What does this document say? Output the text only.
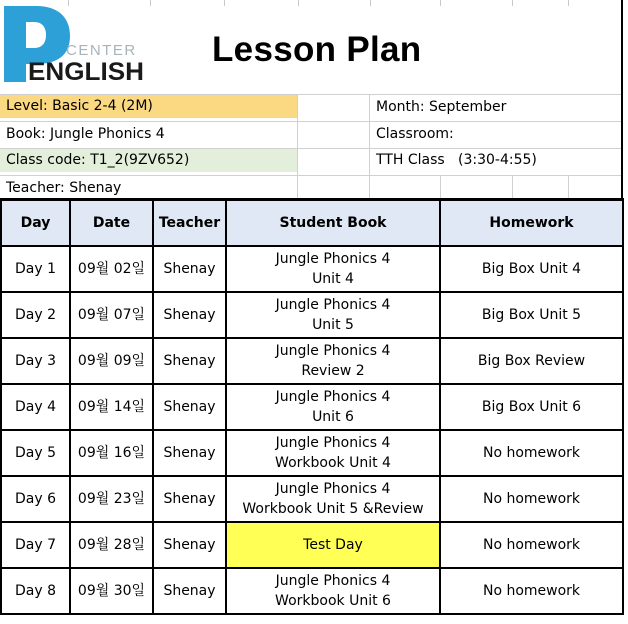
CENTER
ENGLISH
Lesson Plan
Level: Basic 2-4 (2M)
Book: Jungle Phonics 4
Class code: T1_2(9ZV652)
Teacher: Shenay
Month: September
Classroom:
TTH Class   (3:30-4:55)
Day	Date	Teacher	Student Book	Homework
Day 1	09월 02일	Shenay	Jungle Phonics 4
Unit 4	Big Box Unit 4
Day 2	09월 07일	Shenay	Jungle Phonics 4
Unit 5	Big Box Unit 5
Day 3	09월 09일	Shenay	Jungle Phonics 4
Review 2	Big Box Review
Day 4	09월 14일	Shenay	Jungle Phonics 4
Unit 6	Big Box Unit 6
Day 5	09월 16일	Shenay	Jungle Phonics 4
Workbook Unit 4	No homework
Day 6	09월 23일	Shenay	Jungle Phonics 4
Workbook Unit 5 &Review	No homework
Day 7	09월 28일	Shenay	Test Day	No homework
Day 8	09월 30일	Shenay	Jungle Phonics 4
Workbook Unit 6	No homework
